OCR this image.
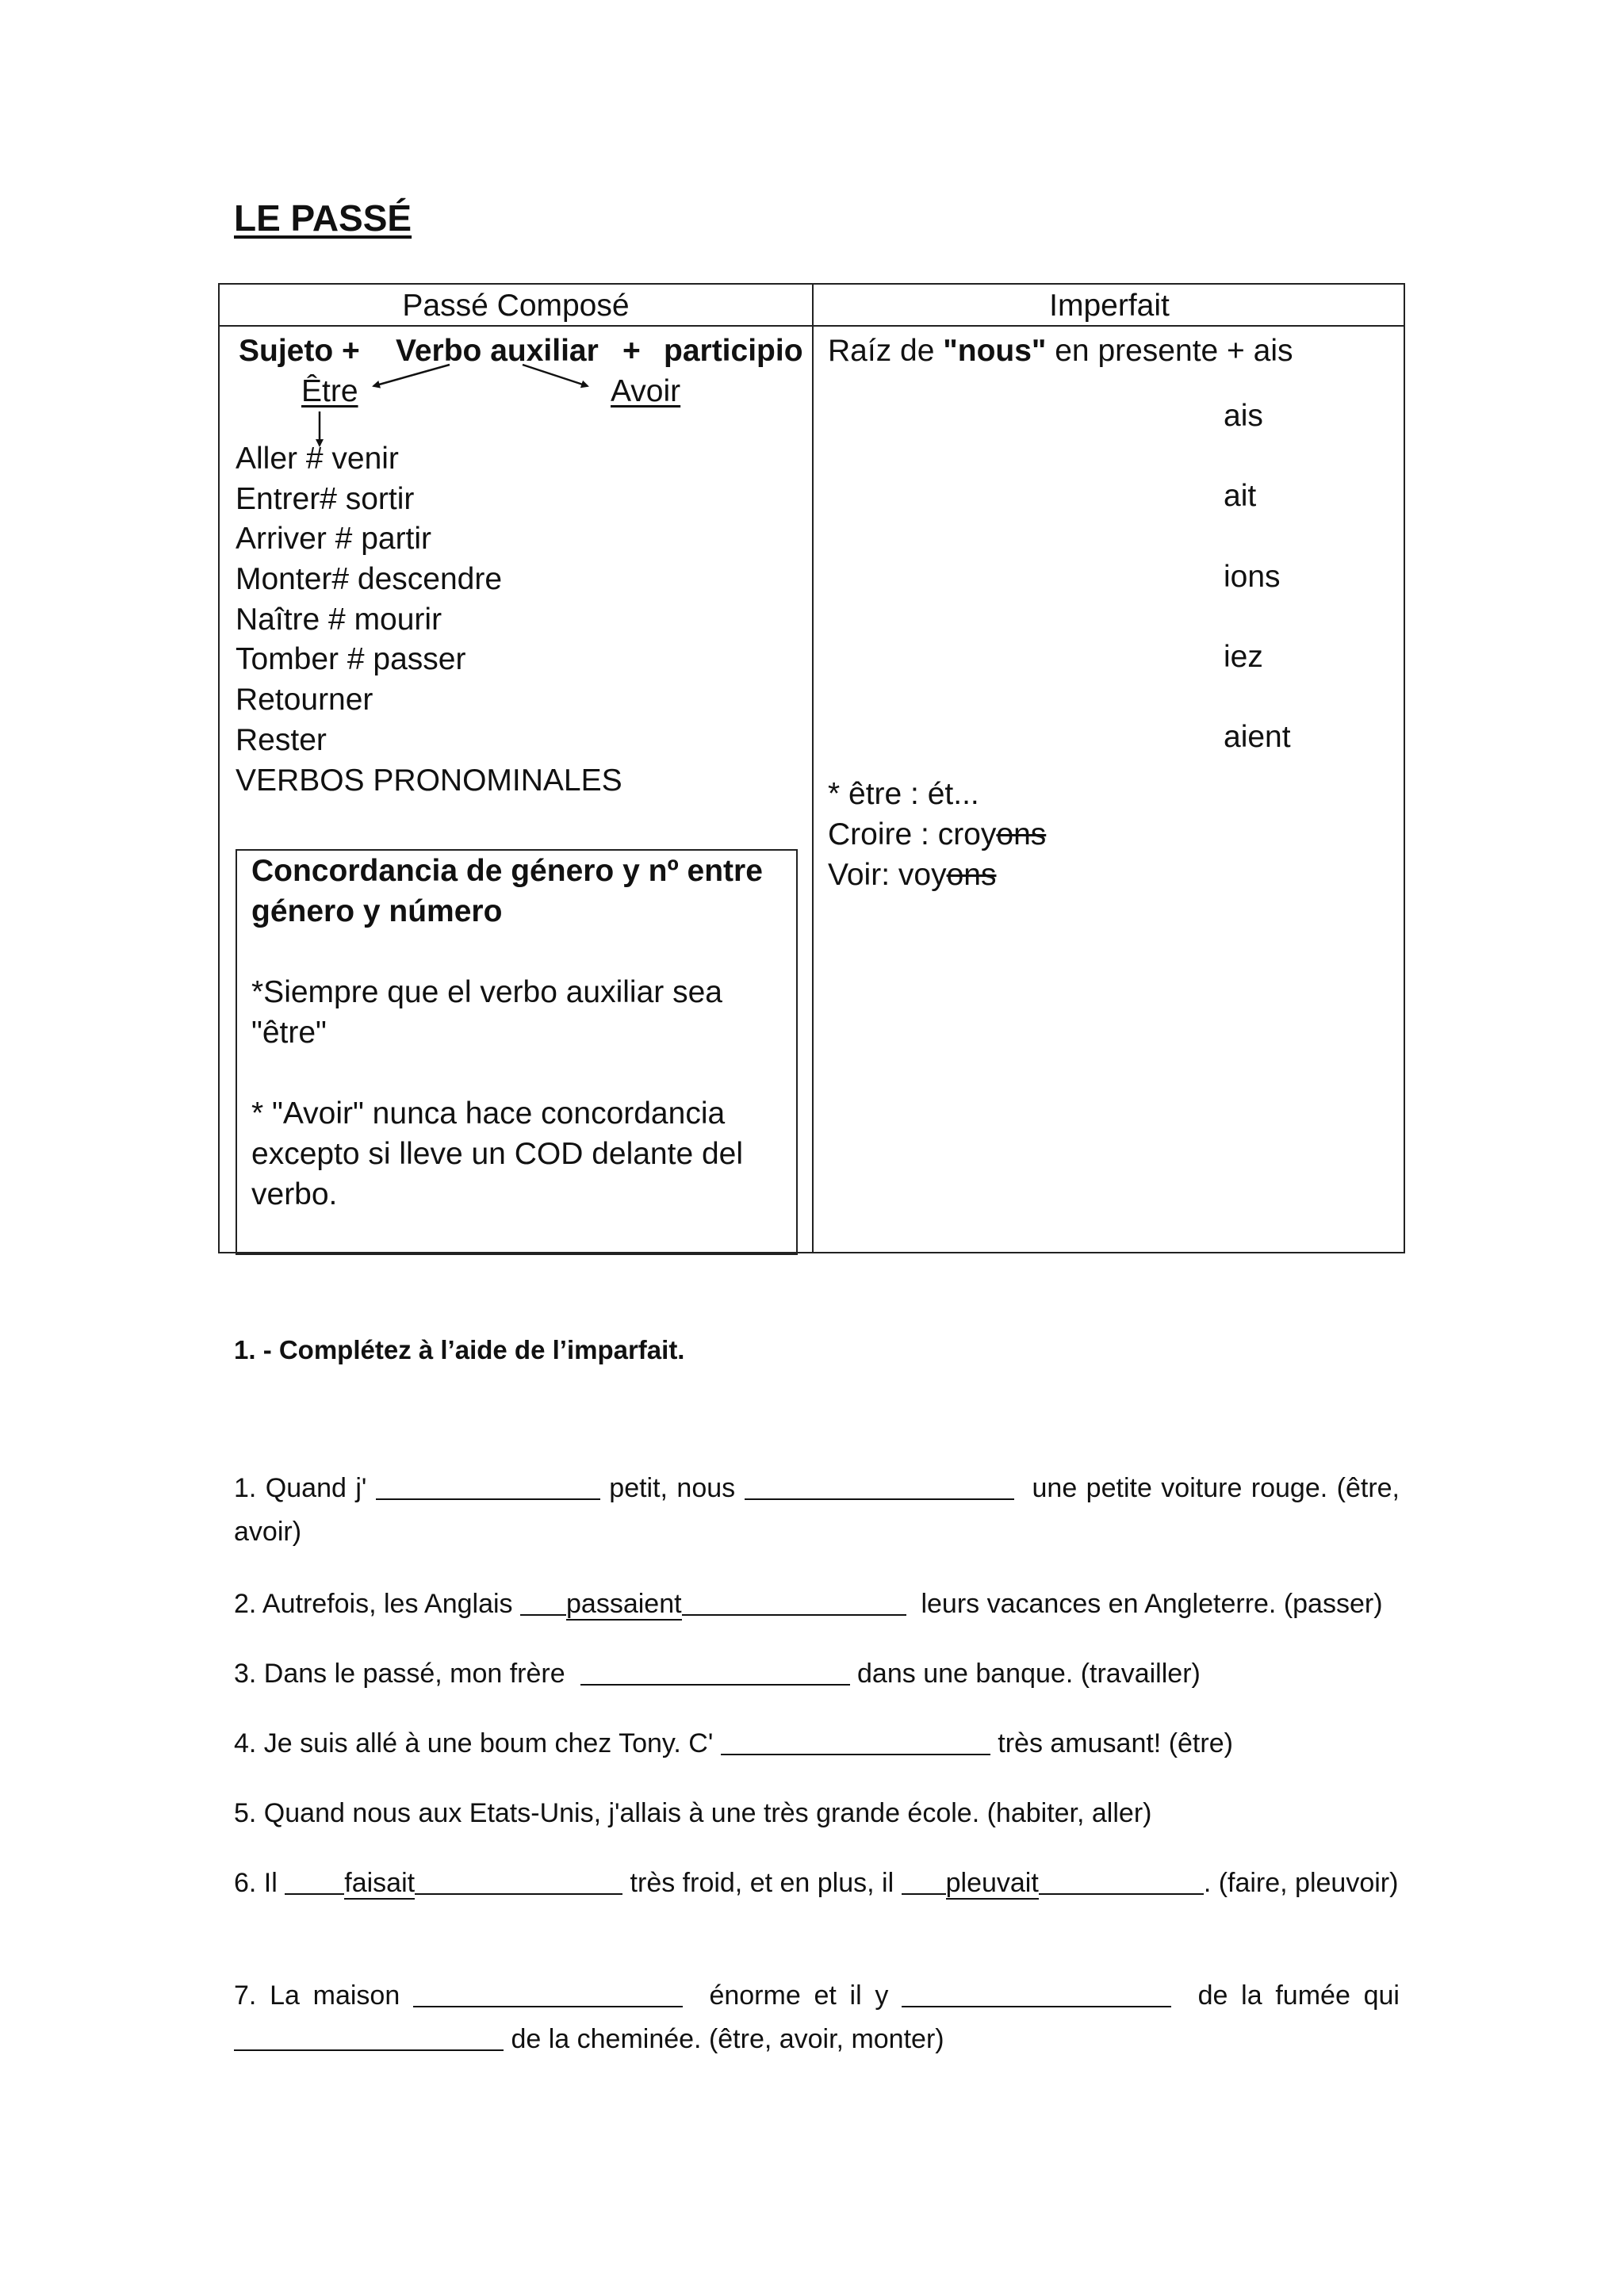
LE PASSÉ
Passé Composé	Imperfait
Sujeto + Verbo auxiliar + participio
Être	Avoir
Aller # venir
Entrer# sortir
Arriver # partir
Monter# descendre
Naître # mourir
Tomber # passer
Retourner
Rester
VERBOS PRONOMINALES

Concordancia de género y nº entre género y número

*Siempre que el verbo auxiliar sea "être"

* "Avoir" nunca hace concordancia excepto si lleve un COD delante del verbo.

Raíz de "nous" en presente + ais
ais
ait
ions
iez
aient
* être : ét...
Croire : croyons
Voir: voyons

1. - Complétez à l’aide de l’imparfait.

1. Quand j'	petit, nous	une petite voiture rouge. (être, avoir)

2. Autrefois, les Anglais passaient	leurs vacances en Angleterre. (passer)

3. Dans le passé, mon frère	dans une banque. (travailler)

4. Je suis allé à une boum chez Tony. C'	très amusant! (être)

5. Quand nous aux Etats-Unis, j'allais à une très grande école. (habiter, aller)

6. Il faisait	très froid, et en plus, il pleuvait	. (faire, pleuvoir)

7. La maison	énorme et il y	de la fumée qui  de la cheminée. (être, avoir, monter)
